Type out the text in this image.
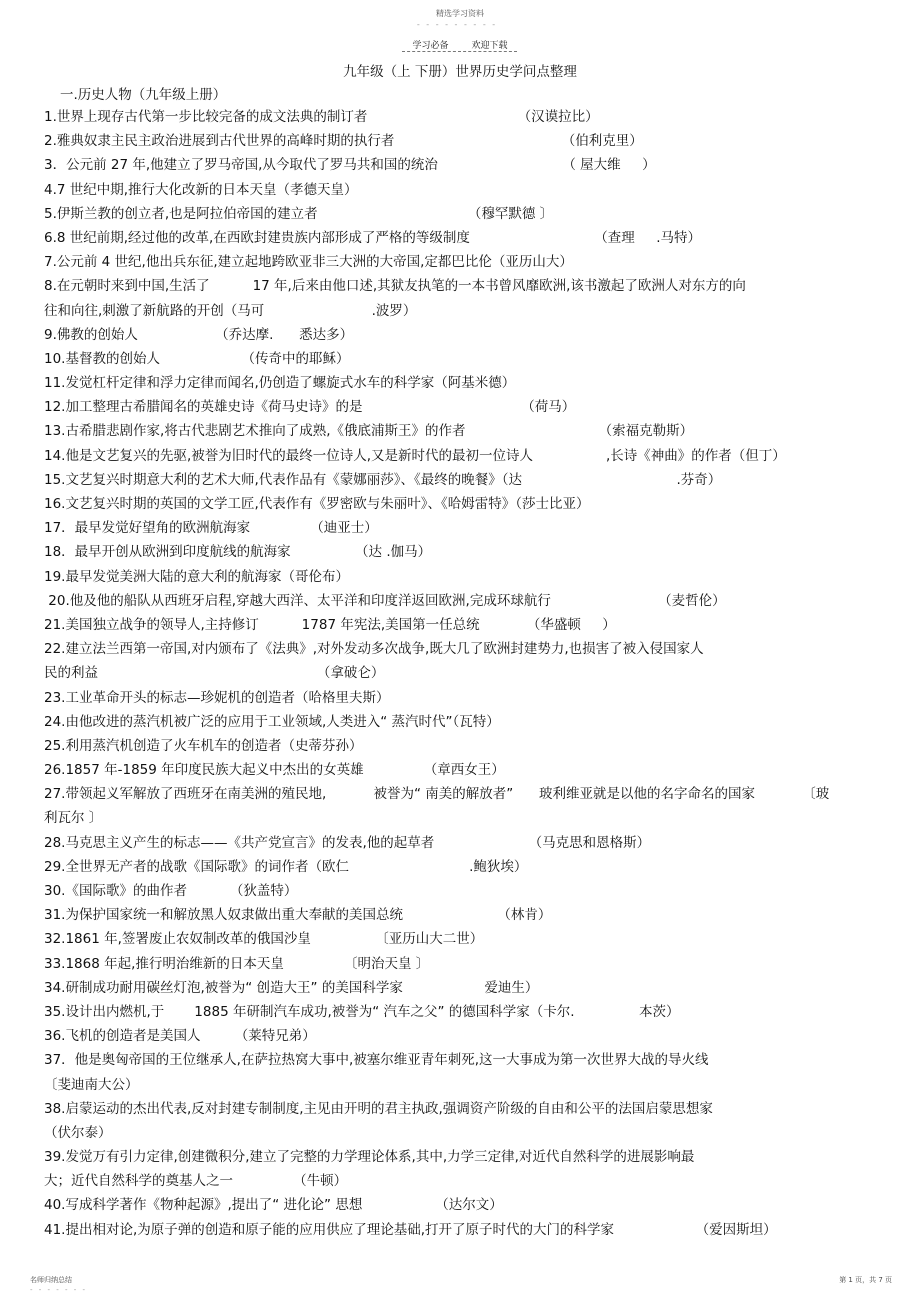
精选学习资料
- - - - - - - - -
学习必备	欢迎下载
九年级（上 下册）世界历史学问点整理
一.历史人物（九年级上册）
1.世界上现存古代第一步比较完备的成文法典的制订者                                   （汉谟拉比）
2.雅典奴隶主民主政治进展到古代世界的高峰时期的执行者                                       （伯利克里）
3．公元前 27 年,他建立了罗马帝国,从今取代了罗马共和国的统治                             （ 屋大维     ）
4.7 世纪中期,推行大化改新的日本天皇（孝德天皇）
5.伊斯兰教的创立者,也是阿拉伯帝国的建立者                                   （穆罕默德 〕
6.8 世纪前期,经过他的改革,在西欧封建贵族内部形成了严格的等级制度                             （查理     .马特）
7.公元前 4 世纪,他出兵东征,建立起地跨欧亚非三大洲的大帝国,定都巴比伦（亚历山大）
8.在元朝时来到中国,生活了          17 年,后来由他口述,其狱友执笔的一本书曾风靡欧洲,该书激起了欧洲人对东方的向
往和向往,刺激了新航路的开创（马可                         .波罗）
9.佛教的创始人                  （乔达摩.      悉达多）
10.基督教的创始人                   （传奇中的耶稣）
11.发觉杠杆定律和浮力定律而闻名,仍创造了螺旋式水车的科学家（阿基米德）
12.加工整理古希腊闻名的英雄史诗《荷马史诗》的是                                     （荷马）
13.古希腊悲剧作家,将古代悲剧艺术推向了成熟,《俄底浦斯王》的作者                               （索福克勒斯）
14.他是文艺复兴的先驱,被誉为旧时代的最终一位诗人,又是新时代的最初一位诗人                 ,长诗《神曲》的作者（但丁）
15.文艺复兴时期意大利的艺术大师,代表作品有《蒙娜丽莎》、《最终的晚餐》（达                                    .芬奇）
16.文艺复兴时期的英国的文学工匠,代表作有《罗密欧与朱丽叶》、《哈姆雷特》（莎士比亚）
17．最早发觉好望角的欧洲航海家              （迪亚士）
18．最早开创从欧洲到印度航线的航海家               （达 .伽马）
19.最早发觉美洲大陆的意大利的航海家（哥伦布）
20.他及他的船队从西班牙启程,穿越大西洋、太平洋和印度洋返回欧洲,完成环球航行                         （麦哲伦）
21.美国独立战争的领导人,主持修订          1787 年宪法,美国第一任总统           （华盛顿     ）
22.建立法兰西第一帝国,对内颁布了《法典》,对外发动多次战争,既大几了欧洲封建势力,也损害了被入侵国家人
民的利益                                                   （拿破仑）
23.工业革命开头的标志—珍妮机的创造者（哈格里夫斯）
24.由他改进的蒸汽机被广泛的应用于工业领域,人类进入“ 蒸汽时代”（瓦特）
25.利用蒸汽机创造了火车机车的创造者（史蒂芬孙）
26.1857 年-1859 年印度民族大起义中杰出的女英雄              （章西女王）
27.带领起义军解放了西班牙在南美洲的殖民地,           被誉为“ 南美的解放者”      玻利维亚就是以他的名字命名的国家           〔玻
利瓦尔 〕
28.马克思主义产生的标志——《共产党宣言》的发表,他的起草者                      （马克思和恩格斯）
29.全世界无产者的战歌《国际歌》的词作者（欧仁                            .鲍狄埃）
30.《国际歌》的曲作者          （狄盖特）
31.为保护国家统一和解放黑人奴隶做出重大奉献的美国总统                      （林肯）
32.1861 年,签署废止农奴制改革的俄国沙皇               〔亚历山大二世）
33.1868 年起,推行明治维新的日本天皇              〔明治天皇 〕
34.研制成功耐用碳丝灯泡,被誉为“ 创造大王” 的美国科学家                   爱迪生）
35.设计出内燃机,于       1885 年研制汽车成功,被誉为“ 汽车之父” 的德国科学家（卡尔.               本茨）
36.飞机的创造者是美国人        （莱特兄弟）
37．他是奥匈帝国的王位继承人,在萨拉热窝大事中,被塞尔维亚青年刺死,这一大事成为第一次世界大战的导火线
〔斐迪南大公）
38.启蒙运动的杰出代表,反对封建专制制度,主见由开明的君主执政,强调资产阶级的自由和公平的法国启蒙思想家
（伏尔泰）
39.发觉万有引力定律,创建微积分,建立了完整的力学理论体系,其中,力学三定律,对近代自然科学的进展影响最
大；近代自然科学的奠基人之一              （牛顿）
40.写成科学著作《物种起源》,提出了“ 进化论” 思想                 （达尔文）
41.提出相对论,为原子弹的创造和原子能的应用供应了理论基础,打开了原子时代的大门的科学家                   （爱因斯坦）
名师归纳总结
- - - - - - -
第 1 页，共 7 页
